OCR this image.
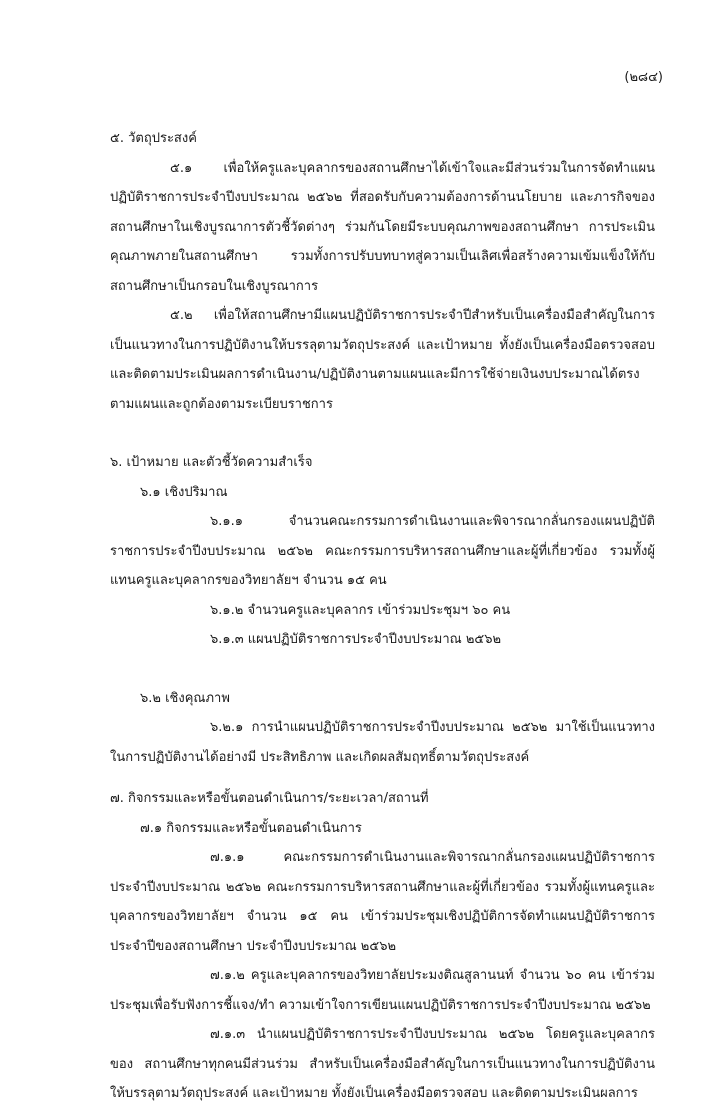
(๒๘๔)

๕. วัตถุประสงค์

๕.๑ เพื่อให้ครูและบุคลากรของสถานศึกษาได้เข้าใจและมีส่วนร่วมในการจัดทำแผนปฏิบัติราชการประจำปีงบประมาณ ๒๕๖๒ ที่สอดรับกับความต้องการด้านนโยบาย และภารกิจของสถานศึกษาในเชิงบูรณาการตัวชี้วัดต่างๆ ร่วมกันโดยมีระบบคุณภาพของสถานศึกษา การประเมินคุณภาพภายในสถานศึกษา รวมทั้งการปรับบทบาทสู่ความเป็นเลิศเพื่อสร้างความเข้มแข็งให้กับสถานศึกษาเป็นกรอบในเชิงบูรณาการ

๕.๒ เพื่อให้สถานศึกษามีแผนปฏิบัติราชการประจำปีสำหรับเป็นเครื่องมือสำคัญในการเป็นแนวทางในการปฏิบัติงานให้บรรลุตามวัตถุประสงค์ และเป้าหมาย ทั้งยังเป็นเครื่องมือตรวจสอบ และติดตามประเมินผลการดำเนินงาน/ปฏิบัติงานตามแผนและมีการใช้จ่ายเงินงบประมาณได้ตรงตามแผนและถูกต้องตามระเบียบราชการ

๖. เป้าหมาย และตัวชี้วัดความสำเร็จ

๖.๑ เชิงปริมาณ

๖.๑.๑ จำนวนคณะกรรมการดำเนินงานและพิจารณากลั่นกรองแผนปฏิบัติราชการประจำปีงบประมาณ ๒๕๖๒ คณะกรรมการบริหารสถานศึกษาและผู้ที่เกี่ยวข้อง รวมทั้งผู้แทนครูและบุคลากรของวิทยาลัยฯ จำนวน ๑๕ คน

๖.๑.๒ จำนวนครูและบุคลากร เข้าร่วมประชุมฯ ๖๐ คน

๖.๑.๓ แผนปฏิบัติราชการประจำปีงบประมาณ ๒๕๖๒

๖.๒ เชิงคุณภาพ

๖.๒.๑ การนำแผนปฏิบัติราชการประจำปีงบประมาณ ๒๕๖๒ มาใช้เป็นแนวทางในการปฏิบัติงานได้อย่างมี ประสิทธิภาพ และเกิดผลสัมฤทธิ์ตามวัตถุประสงค์

๗. กิจกรรมและหรือขั้นตอนดำเนินการ/ระยะเวลา/สถานที่

๗.๑ กิจกรรมและหรือขั้นตอนดำเนินการ

๗.๑.๑ คณะกรรมการดำเนินงานและพิจารณากลั่นกรองแผนปฏิบัติราชการประจำปีงบประมาณ ๒๕๖๒ คณะกรรมการบริหารสถานศึกษาและผู้ที่เกี่ยวข้อง รวมทั้งผู้แทนครูและบุคลากรของวิทยาลัยฯ จำนวน ๑๕ คน เข้าร่วมประชุมเชิงปฏิบัติการจัดทำแผนปฏิบัติราชการประจำปีของสถานศึกษา ประจำปีงบประมาณ ๒๕๖๒

๗.๑.๒ ครูและบุคลากรของวิทยาลัยประมงติณสูลานนท์ จำนวน ๖๐ คน เข้าร่วมประชุมเพื่อรับฟังการชี้แจง/ทำ ความเข้าใจการเขียนแผนปฏิบัติราชการประจำปีงบประมาณ ๒๕๖๒

๗.๑.๓ นำแผนปฏิบัติราชการประจำปีงบประมาณ ๒๕๖๒ โดยครูและบุคลากรของ สถานศึกษาทุกคนมีส่วนร่วม สำหรับเป็นเครื่องมือสำคัญในการเป็นแนวทางในการปฏิบัติงานให้บรรลุตามวัตถุประสงค์ และเป้าหมาย ทั้งยังเป็นเครื่องมือตรวจสอบ และติดตามประเมินผลการ
